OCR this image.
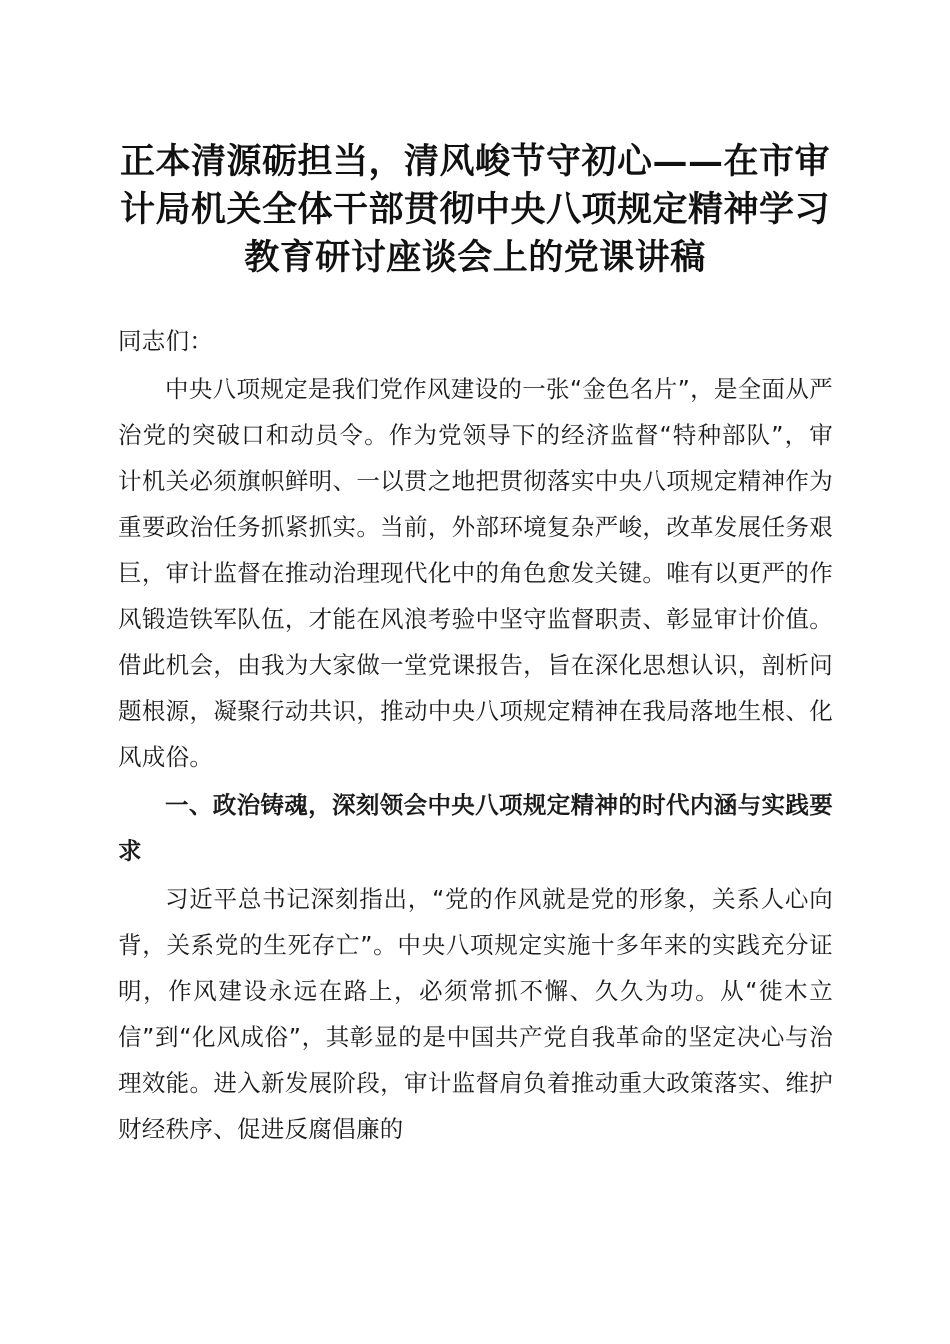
正本清源砺担当，清风峻节守初心——在市审计局机关全体干部贯彻中央八项规定精神学习教育研讨座谈会上的党课讲稿

同志们：

中央八项规定是我们党作风建设的一张“金色名片”，是全面从严治党的突破口和动员令。作为党领导下的经济监督“特种部队”，审计机关必须旗帜鲜明、一以贯之地把贯彻落实中央八项规定精神作为重要政治任务抓紧抓实。当前，外部环境复杂严峻，改革发展任务艰巨，审计监督在推动治理现代化中的角色愈发关键。唯有以更严的作风锻造铁军队伍，才能在风浪考验中坚守监督职责、彰显审计价值。借此机会，由我为大家做一堂党课报告，旨在深化思想认识，剖析问题根源，凝聚行动共识，推动中央八项规定精神在我局落地生根、化风成俗。

一、政治铸魂，深刻领会中央八项规定精神的时代内涵与实践要求

习近平总书记深刻指出，“党的作风就是党的形象，关系人心向背，关系党的生死存亡”。中央八项规定实施十多年来的实践充分证明，作风建设永远在路上，必须常抓不懈、久久为功。从“徙木立信”到“化风成俗”，其彰显的是中国共产党自我革命的坚定决心与治理效能。进入新发展阶段，审计监督肩负着推动重大政策落实、维护财经秩序、促进反腐倡廉的
